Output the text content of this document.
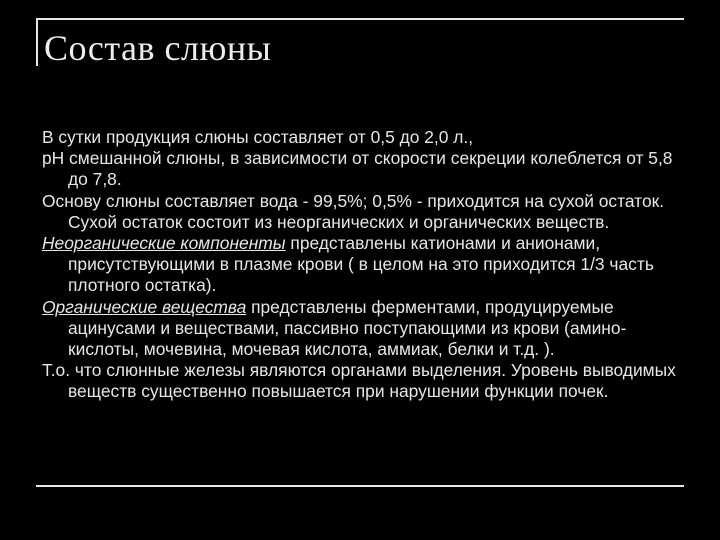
Состав слюны
В сутки продукция слюны составляет от 0,5 до 2,0 л.,
pH смешанной слюны, в зависимости от скорости секреции колеблется от 5,8 до 7,8.
Основу слюны составляет вода - 99,5%; 0,5% - приходится на сухой остаток. Сухой остаток состоит из неорганических и органических веществ.
Неорганические компоненты представлены катионами и анионами, присутствующими в плазме крови ( в целом на это приходится 1/3 часть плотного остатка).
Органические вещества представлены ферментами, продуцируемые ацинусами и веществами, пассивно поступающими из крови (амино-кислоты, мочевина, мочевая кислота, аммиак, белки и т.д. ).
Т.о. что слюнные железы являются органами выделения. Уровень выводимых веществ существенно повышается при нарушении функции почек.
